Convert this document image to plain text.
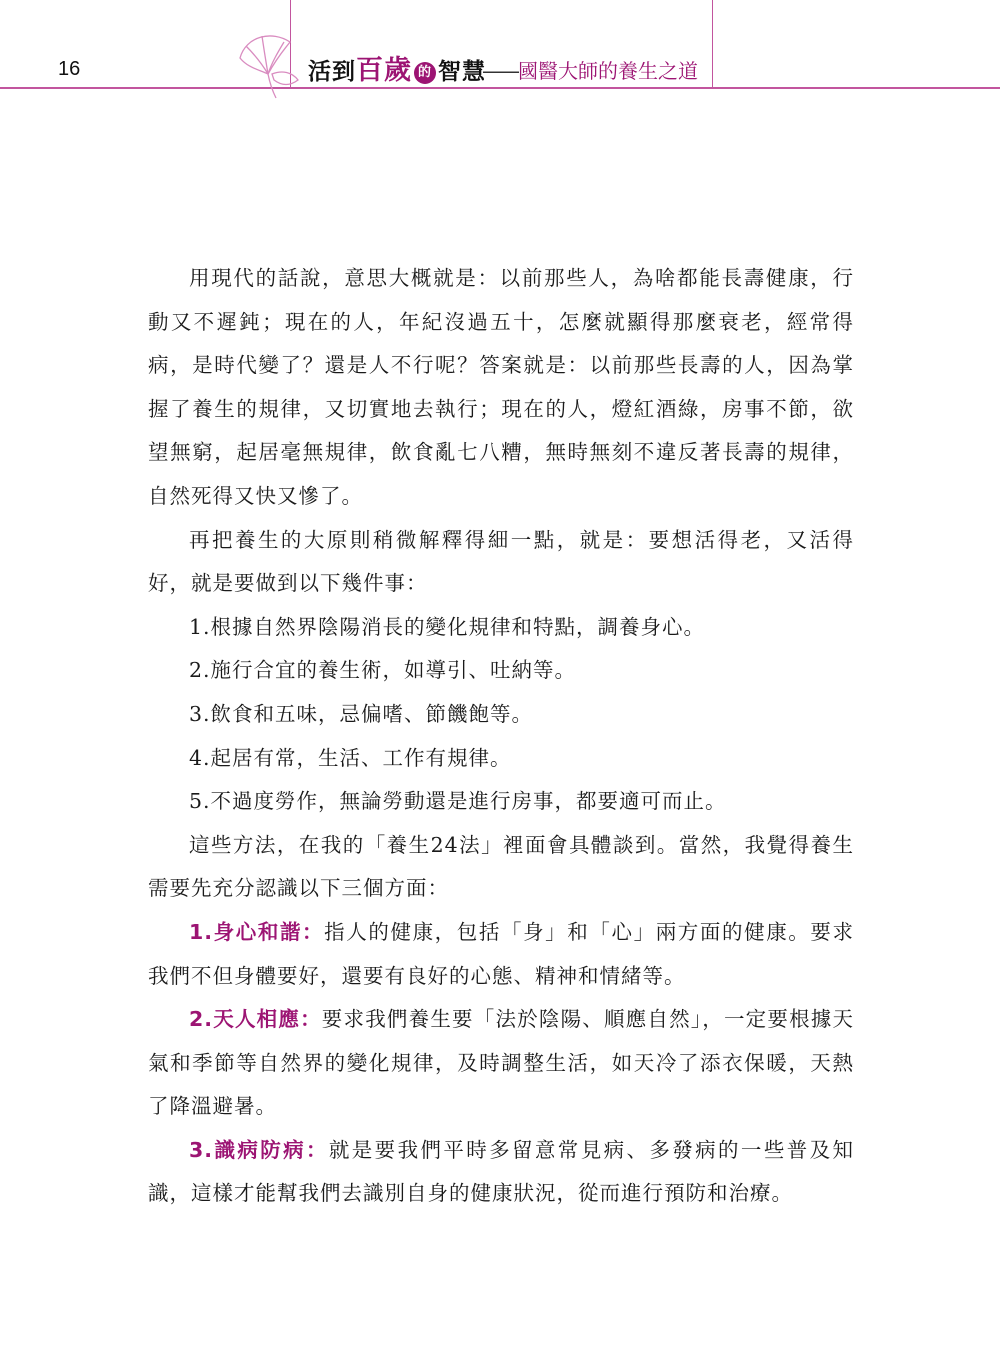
16	活到百歲 的 智慧
——國醫大師的養生之道

用現代的話說，意思大概就是：以前那些人，為啥都能長壽健康，行動又不遲鈍；現在的人，年紀沒過五十，怎麼就顯得那麼衰老，經常得病，是時代變了？還是人不行呢？答案就是：以前那些長壽的人，因為掌握了養生的規律，又切實地去執行；現在的人，燈紅酒綠，房事不節，欲望無窮，起居毫無規律，飲食亂七八糟，無時無刻不違反著長壽的規律，自然死得又快又慘了。

再把養生的大原則稍微解釋得細一點，就是：要想活得老，又活得好，就是要做到以下幾件事：

1.根據自然界陰陽消長的變化規律和特點，調養身心。

2.施行合宜的養生術，如導引、吐納等。

3.飲食和五味，忌偏嗜、節饑飽等。

4.起居有常，生活、工作有規律。

5.不過度勞作，無論勞動還是進行房事，都要適可而止。

這些方法，在我的「養生24法」裡面會具體談到。當然，我覺得養生需要先充分認識以下三個方面：

1.身心和諧：指人的健康，包括「身」和「心」兩方面的健康。要求我們不但身體要好，還要有良好的心態、精神和情緒等。

2.天人相應：要求我們養生要「法於陰陽、順應自然」，一定要根據天氣和季節等自然界的變化規律，及時調整生活，如天冷了添衣保暖，天熱了降溫避暑。

3.識病防病：就是要我們平時多留意常見病、多發病的一些普及知識，這樣才能幫我們去識別自身的健康狀況，從而進行預防和治療。
